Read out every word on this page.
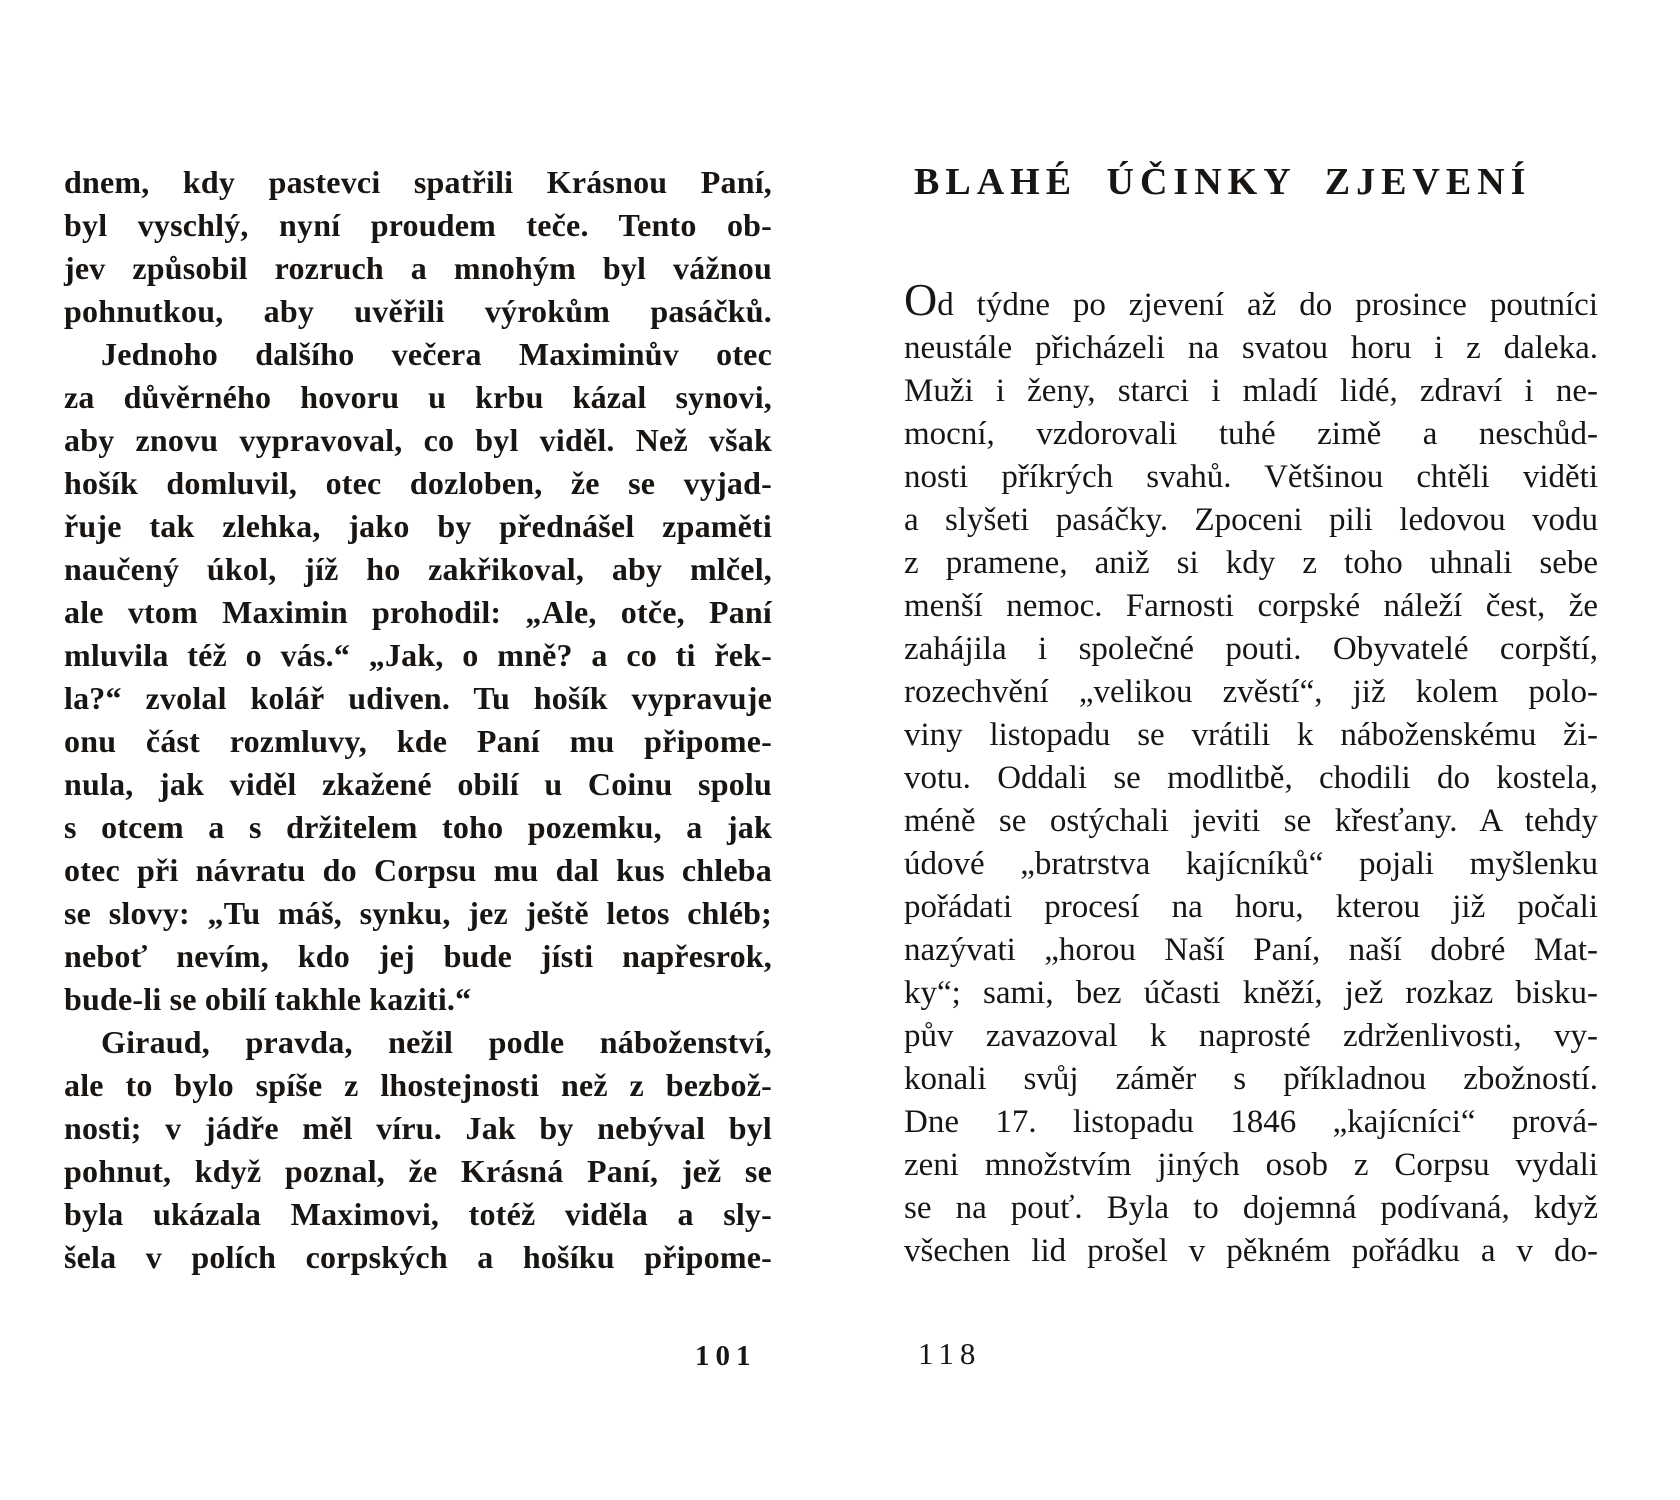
dnem, kdy pastevci spatřili Krásnou Paní,
byl vyschlý, nyní proudem teče. Tento ob-
jev způsobil rozruch a mnohým byl vážnou
pohnutkou, aby uvěřili výrokům pasáčků.
Jednoho dalšího večera Maximinův otec
za důvěrného hovoru u krbu kázal synovi,
aby znovu vypravoval, co byl viděl. Než však
hošík domluvil, otec dozloben, že se vyjad-
řuje tak zlehka, jako by přednášel zpaměti
naučený úkol, jíž ho zakřikoval, aby mlčel,
ale vtom Maximin prohodil: „Ale, otče, Paní
mluvila též o vás.“ „Jak, o mně? a co ti řek-
la?“ zvolal kolář udiven. Tu hošík vypravuje
onu část rozmluvy, kde Paní mu připome-
nula, jak viděl zkažené obilí u Coinu spolu
s otcem a s držitelem toho pozemku, a jak
otec při návratu do Corpsu mu dal kus chleba
se slovy: „Tu máš, synku, jez ještě letos chléb;
neboť nevím, kdo jej bude jísti napřesrok,
bude-li se obilí takhle kaziti.“
Giraud, pravda, nežil podle náboženství,
ale to bylo spíše z lhostejnosti než z bezbož-
nosti; v jádře měl víru. Jak by nebýval byl
pohnut, když poznal, že Krásná Paní, jež se
byla ukázala Maximovi, totéž viděla a sly-
šela v polích corpských a hošíku připome-
101
BLAHÉ ÚČINKY ZJEVENÍ
Od týdne po zjevení až do prosince poutníci
neustále přicházeli na svatou horu i z daleka.
Muži i ženy, starci i mladí lidé, zdraví i ne-
mocní, vzdorovali tuhé zimě a neschůd-
nosti příkrých svahů. Většinou chtěli viděti
a slyšeti pasáčky. Zpoceni pili ledovou vodu
z pramene, aniž si kdy z toho uhnali sebe
menší nemoc. Farnosti corpské náleží čest, že
zahájila i společné pouti. Obyvatelé corpští,
rozechvění „velikou zvěstí“, již kolem polo-
viny listopadu se vrátili k náboženskému ži-
votu. Oddali se modlitbě, chodili do kostela,
méně se ostýchali jeviti se křesťany. A tehdy
údové „bratrstva kajícníků“ pojali myšlenku
pořádati procesí na horu, kterou již počali
nazývati „horou Naší Paní, naší dobré Mat-
ky“; sami, bez účasti kněží, jež rozkaz bisku-
pův zavazoval k naprosté zdrženlivosti, vy-
konali svůj záměr s příkladnou zbožností.
Dne 17. listopadu 1846 „kajícníci“ prová-
zeni množstvím jiných osob z Corpsu vydali
se na pouť. Byla to dojemná podívaná, když
všechen lid prošel v pěkném pořádku a v do-
118
